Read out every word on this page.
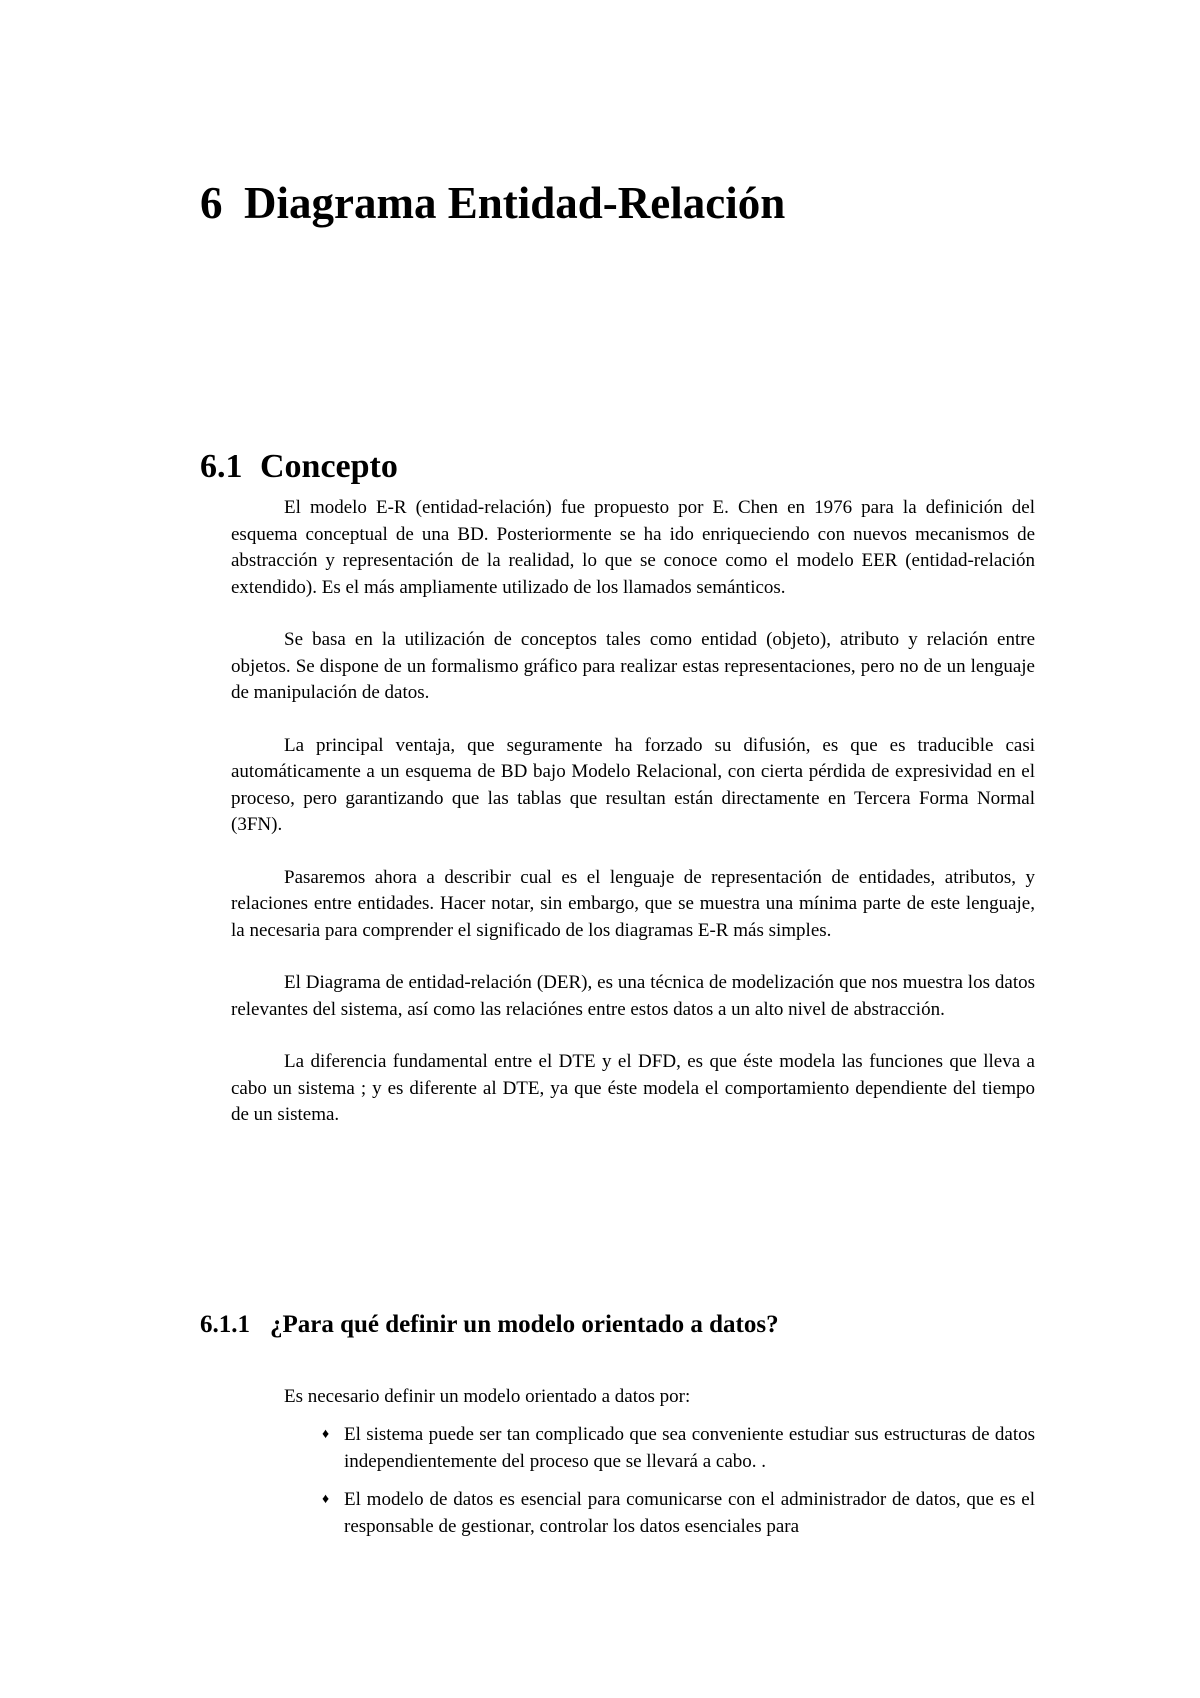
6 Diagrama Entidad-Relación
6.1 Concepto

El modelo E-R (entidad-relación) fue propuesto por E. Chen en 1976 para la definición del esquema conceptual de una BD. Posteriormente se ha ido enriqueciendo con nuevos mecanismos de abstracción y representación de la realidad, lo que se conoce como el modelo EER (entidad-relación extendido). Es el más ampliamente utilizado de los llamados semánticos.

Se basa en la utilización de conceptos tales como entidad (objeto), atributo y relación entre objetos. Se dispone de un formalismo gráfico para realizar estas representaciones, pero no de un lenguaje de manipulación de datos.

La principal ventaja, que seguramente ha forzado su difusión, es que es traducible casi automáticamente a un esquema de BD bajo Modelo Relacional, con cierta pérdida de expresividad en el proceso, pero garantizando que las tablas que resultan están directamente en Tercera Forma Normal (3FN).

Pasaremos ahora a describir cual es el lenguaje de representación de entidades, atributos, y relaciones entre entidades. Hacer notar, sin embargo, que se muestra una mínima parte de este lenguaje, la necesaria para comprender el significado de los diagramas E-R más simples.

El Diagrama de entidad-relación (DER), es una técnica de modelización que nos muestra los datos relevantes del sistema, así como las relaciónes entre estos datos a un alto nivel de abstracción.

La diferencia fundamental entre el DTE y el DFD, es que éste modela las funciones que lleva a cabo un sistema ; y es diferente al DTE, ya que éste modela el comportamiento dependiente del tiempo de un sistema.

6.1.1 ¿Para qué definir un modelo orientado a datos?

Es necesario definir un modelo orientado a datos por:

♦ El sistema puede ser tan complicado que sea conveniente estudiar sus estructuras de datos independientemente del proceso que se llevará a cabo. .
♦ El modelo de datos es esencial para comunicarse con el administrador de datos, que es el responsable de gestionar, controlar los datos esenciales para
